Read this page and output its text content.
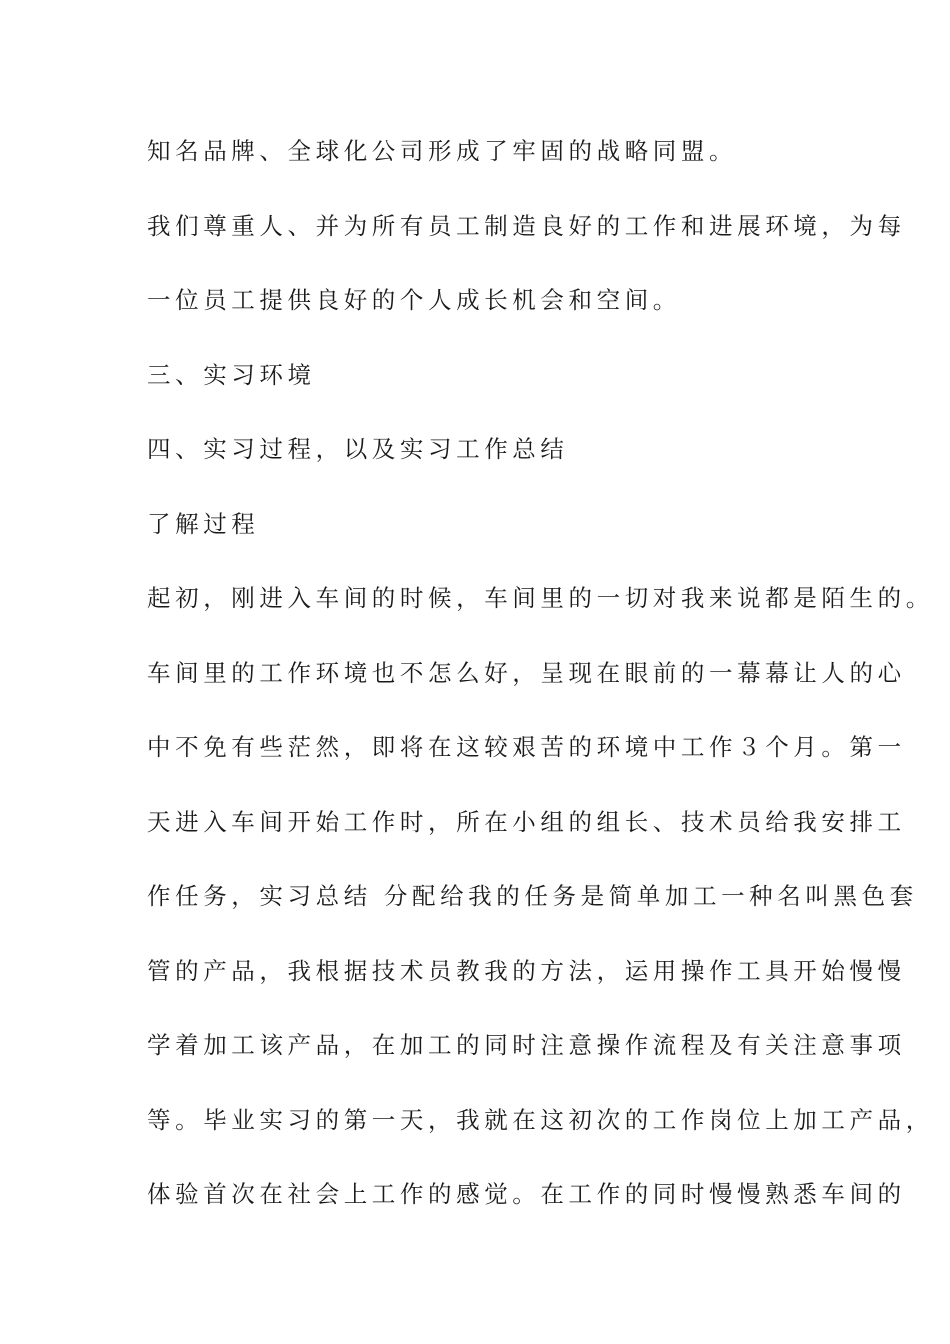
知名品牌、全球化公司形成了牢固的战略同盟。
我们尊重人、并为所有员工制造良好的工作和进展环境，为每
一位员工提供良好的个人成长机会和空间。
三、实习环境
四、实习过程，以及实习工作总结
了解过程
起初，刚进入车间的时候，车间里的一切对我来说都是陌生的。
车间里的工作环境也不怎么好，呈现在眼前的一幕幕让人的心
中不免有些茫然，即将在这较艰苦的环境中工作３个月。第一
天进入车间开始工作时，所在小组的组长、技术员给我安排工
作任务，实习总结 分配给我的任务是简单加工一种名叫黑色套
管的产品，我根据技术员教我的方法，运用操作工具开始慢慢
学着加工该产品，在加工的同时注意操作流程及有关注意事项
等。毕业实习的第一天，我就在这初次的工作岗位上加工产品，
体验首次在社会上工作的感觉。在工作的同时慢慢熟悉车间的
